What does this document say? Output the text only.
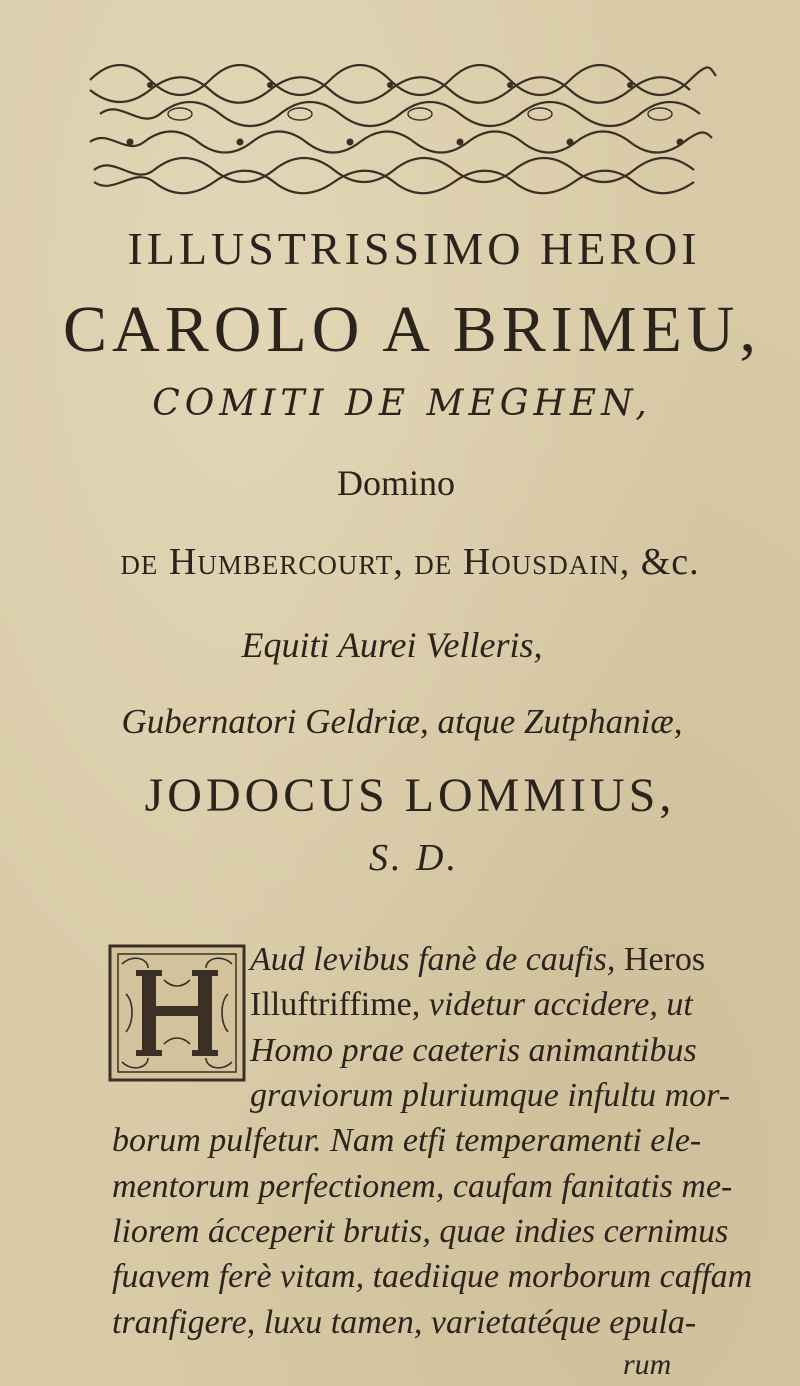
ILLUSTRISSIMO HEROI
CAROLO A BRIMEU,
COMITI DE MEGHEN,
Domino
DE HUMBERCOURT, DE HOUSDAIN, &c.
Equiti Aurei Velleris,
Gubernatori Geldriæ, atque Zutphaniæ,
JODOCUS LOMMIUS,
S. D.
Aud levibus fanè de caufis, Heros
Illuftriffime, videtur accidere, ut
Homo prae caeteris animantibus
graviorum pluriumque infultu mor-
borum pulfetur. Nam etfi temperamenti ele-
mentorum perfectionem, caufam fanitatis me-
liorem ácceperit brutis, quae indies cernimus
fuavem ferè vitam, taediique morborum caffam
tranfigere, luxu tamen, varietatéque epula-
rum
